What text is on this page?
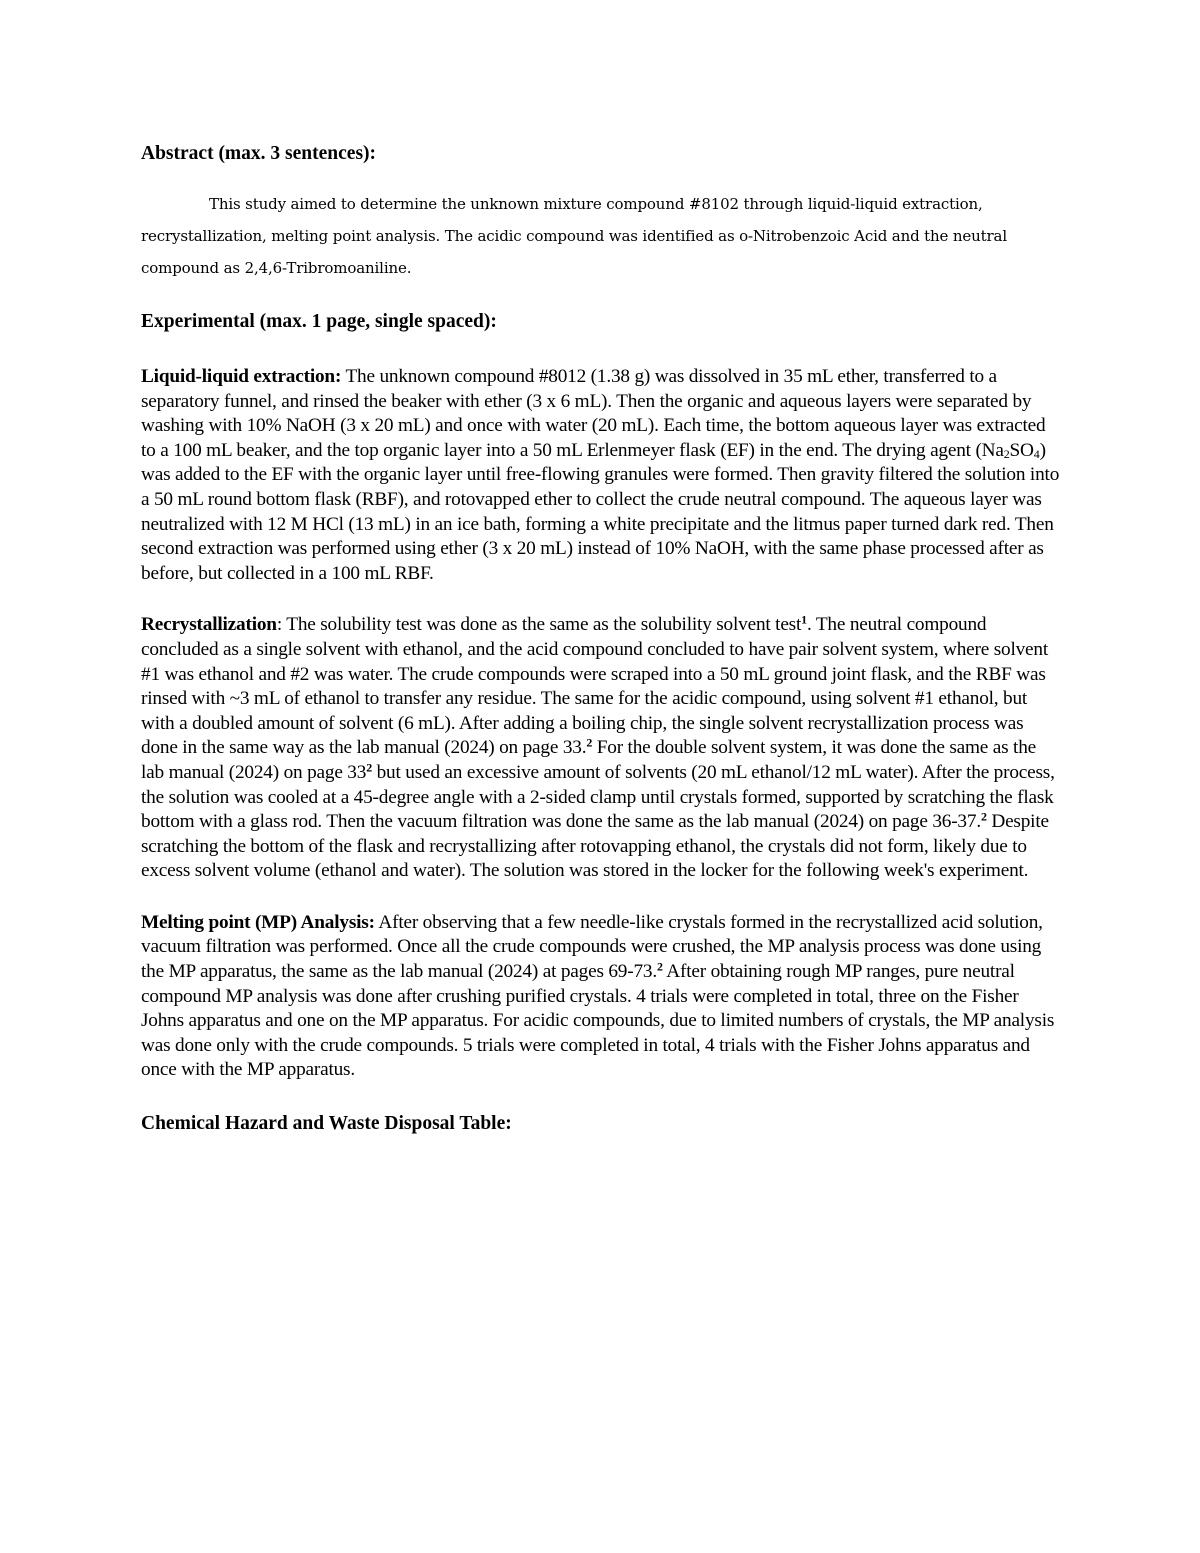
Abstract (max. 3 sentences):

This study aimed to determine the unknown mixture compound #8102 through liquid-liquid extraction, recrystallization, melting point analysis. The acidic compound was identified as o-Nitrobenzoic Acid and the neutral compound as 2,4,6-Tribromoaniline.

Experimental (max. 1 page, single spaced):

Liquid-liquid extraction: The unknown compound #8012 (1.38 g) was dissolved in 35 mL ether, transferred to a separatory funnel, and rinsed the beaker with ether (3 x 6 mL). Then the organic and aqueous layers were separated by washing with 10% NaOH (3 x 20 mL) and once with water (20 mL). Each time, the bottom aqueous layer was extracted to a 100 mL beaker, and the top organic layer into a 50 mL Erlenmeyer flask (EF) in the end. The drying agent $(Na_2SO_4)$ was added to the EF with the organic layer until free-flowing granules were formed. Then gravity filtered the solution into a 50 mL round bottom flask (RBF), and rotovapped ether to collect the crude neutral compound. The aqueous layer was neutralized with 12 M HCl (13 mL) in an ice bath, forming a white precipitate and the litmus paper turned dark red. Then second extraction was performed using ether (3 x 20 mL) instead of 10% NaOH, with the same phase processed after as before, but collected in a 100 mL RBF.

Recrystallization: The solubility test was done as the same as the solubility solvent test$^1$. The neutral compound concluded as a single solvent with ethanol, and the acid compound concluded to have pair solvent system, where solvent #1 was ethanol and #2 was water. The crude compounds were scraped into a 50 mL ground joint flask, and the RBF was rinsed with ~3 mL of ethanol to transfer any residue. The same for the acidic compound, using solvent #1 ethanol, but with a doubled amount of solvent (6 mL). After adding a boiling chip, the single solvent recrystallization process was done in the same way as the lab manual (2024) on page 33.$^2$ For the double solvent system, it was done the same as the lab manual (2024) on page $33^2$ but used an excessive amount of solvents (20 mL ethanol/12 mL water). After the process, the solution was cooled at a 45-degree angle with a 2-sided clamp until crystals formed, supported by scratching the flask bottom with a glass rod. Then the vacuum filtration was done the same as the lab manual (2024) on page 36-37.$^2$ Despite scratching the bottom of the flask and recrystallizing after rotovapping ethanol, the crystals did not form, likely due to excess solvent volume (ethanol and water). The solution was stored in the locker for the following week's experiment.

Melting point (MP) Analysis: After observing that a few needle-like crystals formed in the recrystallized acid solution, vacuum filtration was performed. Once all the crude compounds were crushed, the MP analysis process was done using the MP apparatus, the same as the lab manual (2024) at pages 69-73.$^2$ After obtaining rough MP ranges, pure neutral compound MP analysis was done after crushing purified crystals. 4 trials were completed in total, three on the Fisher Johns apparatus and one on the MP apparatus. For acidic compounds, due to limited numbers of crystals, the MP analysis was done only with the crude compounds. 5 trials were completed in total, 4 trials with the Fisher Johns apparatus and once with the MP apparatus.

Chemical Hazard and Waste Disposal Table:
